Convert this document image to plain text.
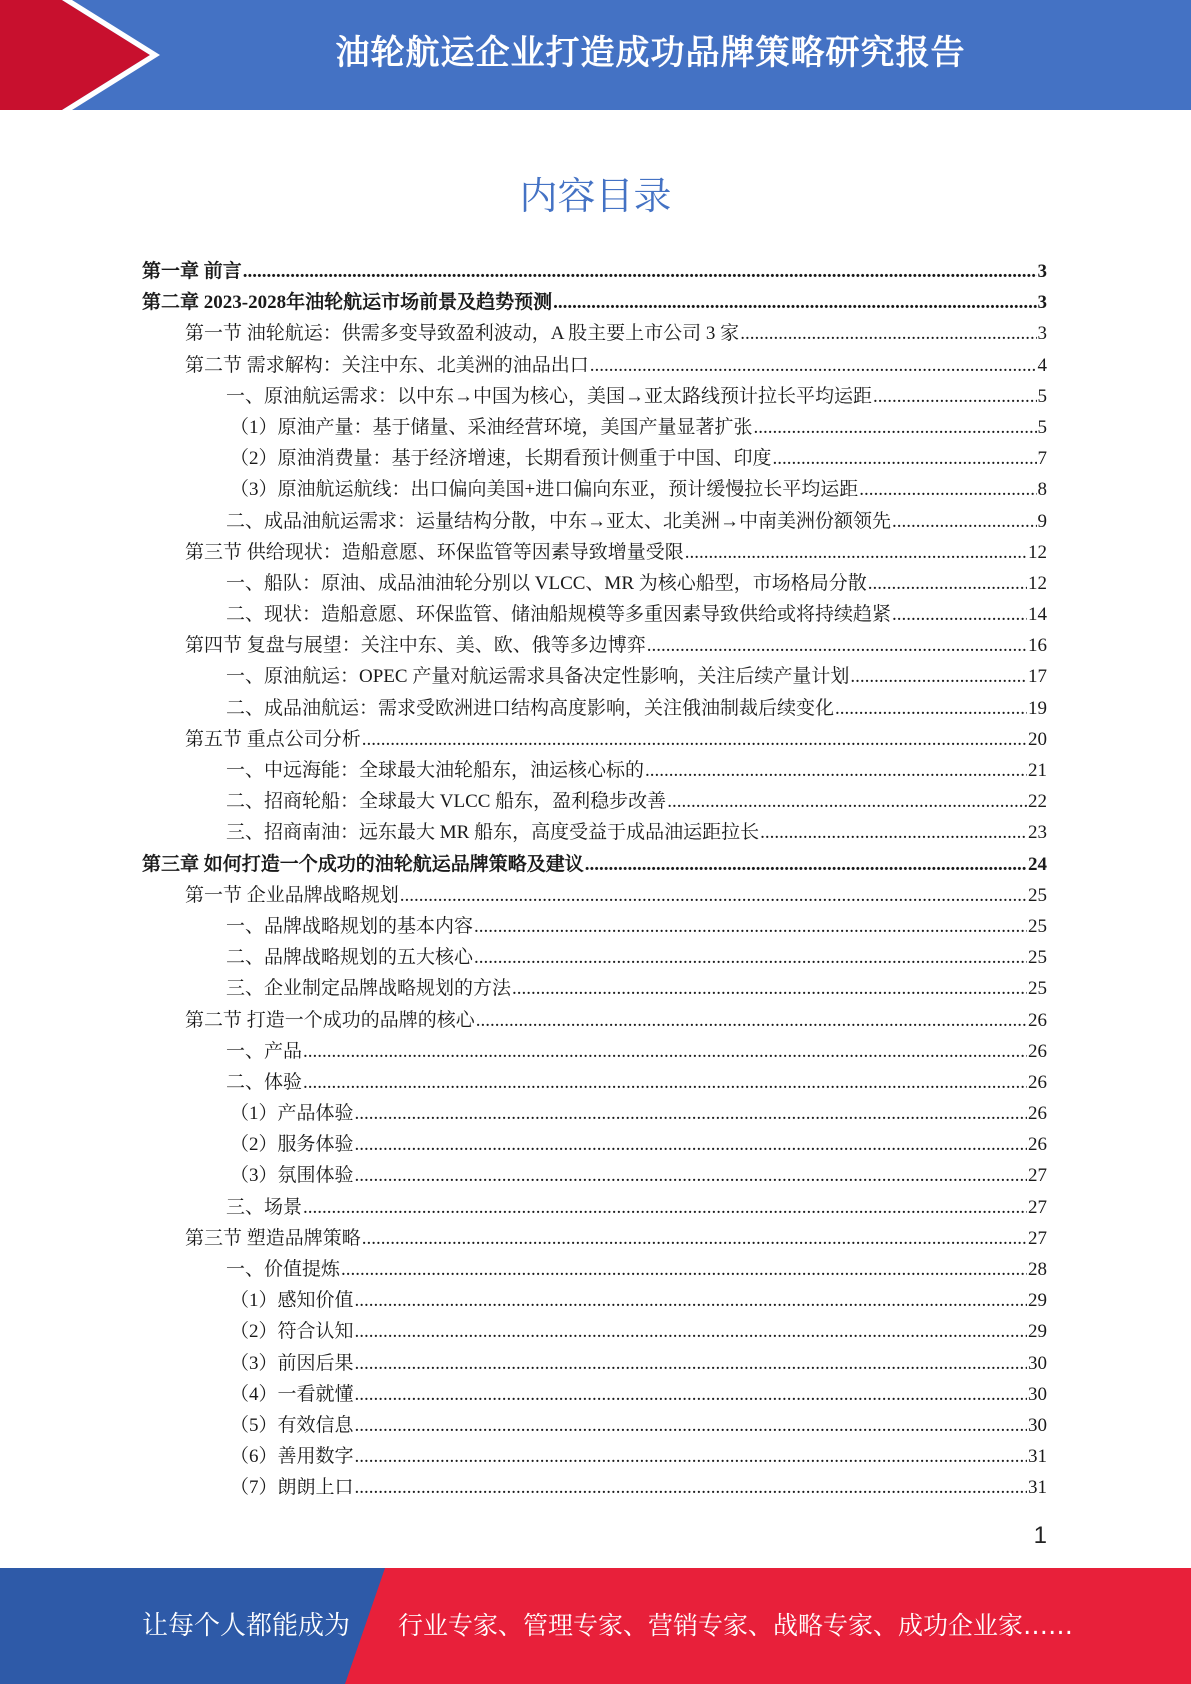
油轮航运企业打造成功品牌策略研究报告
内容目录
第一章 前言 .....	3
第二章 2023-2028年油轮航运市场前景及趋势预测 .....	3
第一节 油轮航运：供需多变导致盈利波动，A 股主要上市公司 3 家 .....	3
第二节 需求解构：关注中东、北美洲的油品出口 .....	4
一、原油航运需求：以中东→中国为核心，美国→亚太路线预计拉长平均运距 .....	5
（1）原油产量：基于储量、采油经营环境，美国产量显著扩张 .....	5
（2）原油消费量：基于经济增速，长期看预计侧重于中国、印度 .....	7
（3）原油航运航线：出口偏向美国+进口偏向东亚，预计缓慢拉长平均运距 .....	8
二、成品油航运需求：运量结构分散，中东→亚太、北美洲→中南美洲份额领先 .....	9
第三节 供给现状：造船意愿、环保监管等因素导致增量受限 .....	12
一、船队：原油、成品油油轮分别以 VLCC、MR 为核心船型，市场格局分散 .....	12
二、现状：造船意愿、环保监管、储油船规模等多重因素导致供给或将持续趋紧 .....	14
第四节 复盘与展望：关注中东、美、欧、俄等多边博弈 .....	16
一、原油航运：OPEC 产量对航运需求具备决定性影响，关注后续产量计划 .....	17
二、成品油航运：需求受欧洲进口结构高度影响，关注俄油制裁后续变化 .....	19
第五节 重点公司分析 .....	20
一、中远海能：全球最大油轮船东，油运核心标的 .....	21
二、招商轮船：全球最大 VLCC 船东，盈利稳步改善 .....	22
三、招商南油：远东最大 MR 船东，高度受益于成品油运距拉长 .....	23
第三章 如何打造一个成功的油轮航运品牌策略及建议 .....	24
第一节 企业品牌战略规划 .....	25
一、品牌战略规划的基本内容 .....	25
二、品牌战略规划的五大核心 .....	25
三、企业制定品牌战略规划的方法 .....	25
第二节 打造一个成功的品牌的核心 .....	26
一、产品 .....	26
二、体验 .....	26
（1）产品体验 .....	26
（2）服务体验 .....	26
（3）氛围体验 .....	27
三、场景 .....	27
第三节 塑造品牌策略 .....	27
一、价值提炼 .....	28
（1）感知价值 .....	29
（2）符合认知 .....	29
（3）前因后果 .....	30
（4）一看就懂 .....	30
（5）有效信息 .....	30
（6）善用数字 .....	31
（7）朗朗上口 .....	31
1
让每个人都能成为 行业专家、管理专家、营销专家、战略专家、成功企业家……
